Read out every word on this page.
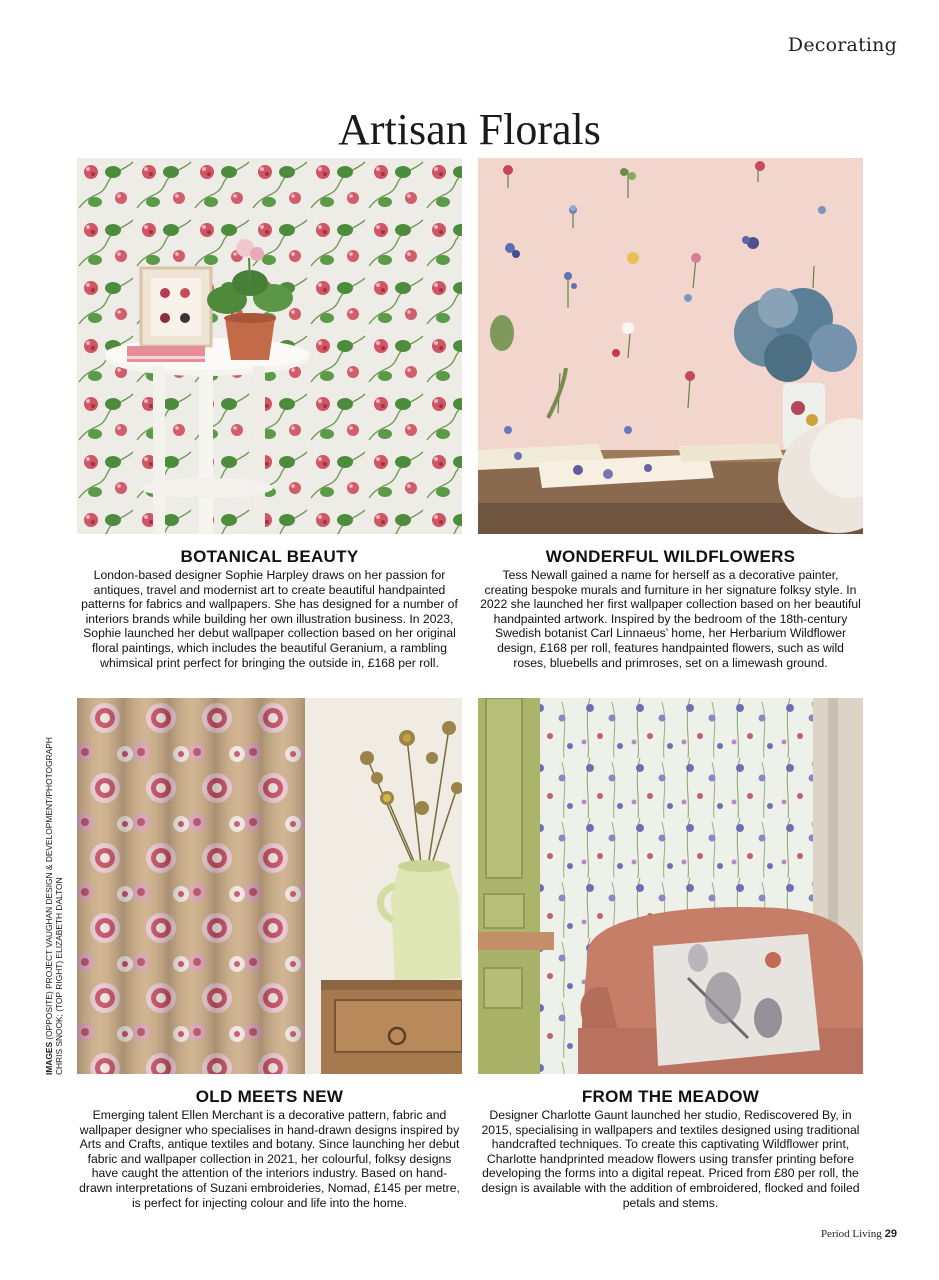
Decorating
Artisan Florals
BOTANICAL BEAUTY

London-based designer Sophie Harpley draws on her passion for antiques, travel and modernist art to create beautiful handpainted patterns for fabrics and wallpapers. She has designed for a number of interiors brands while building her own illustration business. In 2023, Sophie launched her debut wallpaper collection based on her original floral paintings, which includes the beautiful Geranium, a rambling whimsical print perfect for bringing the outside in, £168 per roll.

WONDERFUL WILDFLOWERS

Tess Newall gained a name for herself as a decorative painter, creating bespoke murals and furniture in her signature folksy style. In 2022 she launched her first wallpaper collection based on her beautiful handpainted artwork. Inspired by the bedroom of the 18th-century Swedish botanist Carl Linnaeus’ home, her Herbarium Wildflower design, £168 per roll, features handpainted flowers, such as wild roses, bluebells and primroses, set on a limewash ground.

OLD MEETS NEW

Emerging talent Ellen Merchant is a decorative pattern, fabric and wallpaper designer who specialises in hand-drawn designs inspired by Arts and Crafts, antique textiles and botany. Since launching her debut fabric and wallpaper collection in 2021, her colourful, folksy designs have caught the attention of the interiors industry. Based on hand-drawn interpretations of Suzani embroideries, Nomad, £145 per metre, is perfect for injecting colour and life into the home.

FROM THE MEADOW

Designer Charlotte Gaunt launched her studio, Rediscovered By, in 2015, specialising in wallpapers and textiles designed using traditional handcrafted techniques. To create this captivating Wildflower print, Charlotte handprinted meadow flowers using transfer printing before developing the forms into a digital repeat. Priced from £80 per roll, the design is available with the addition of embroidered, flocked and foiled petals and stems.

IMAGES (OPPOSITE) PROJECT VAUGHAN DESIGN & DEVELOPMENT/PHOTOGRAPH CHRIS SNOOK; (TOP RIGHT) ELIZABETH DALTON
Period Living 29
